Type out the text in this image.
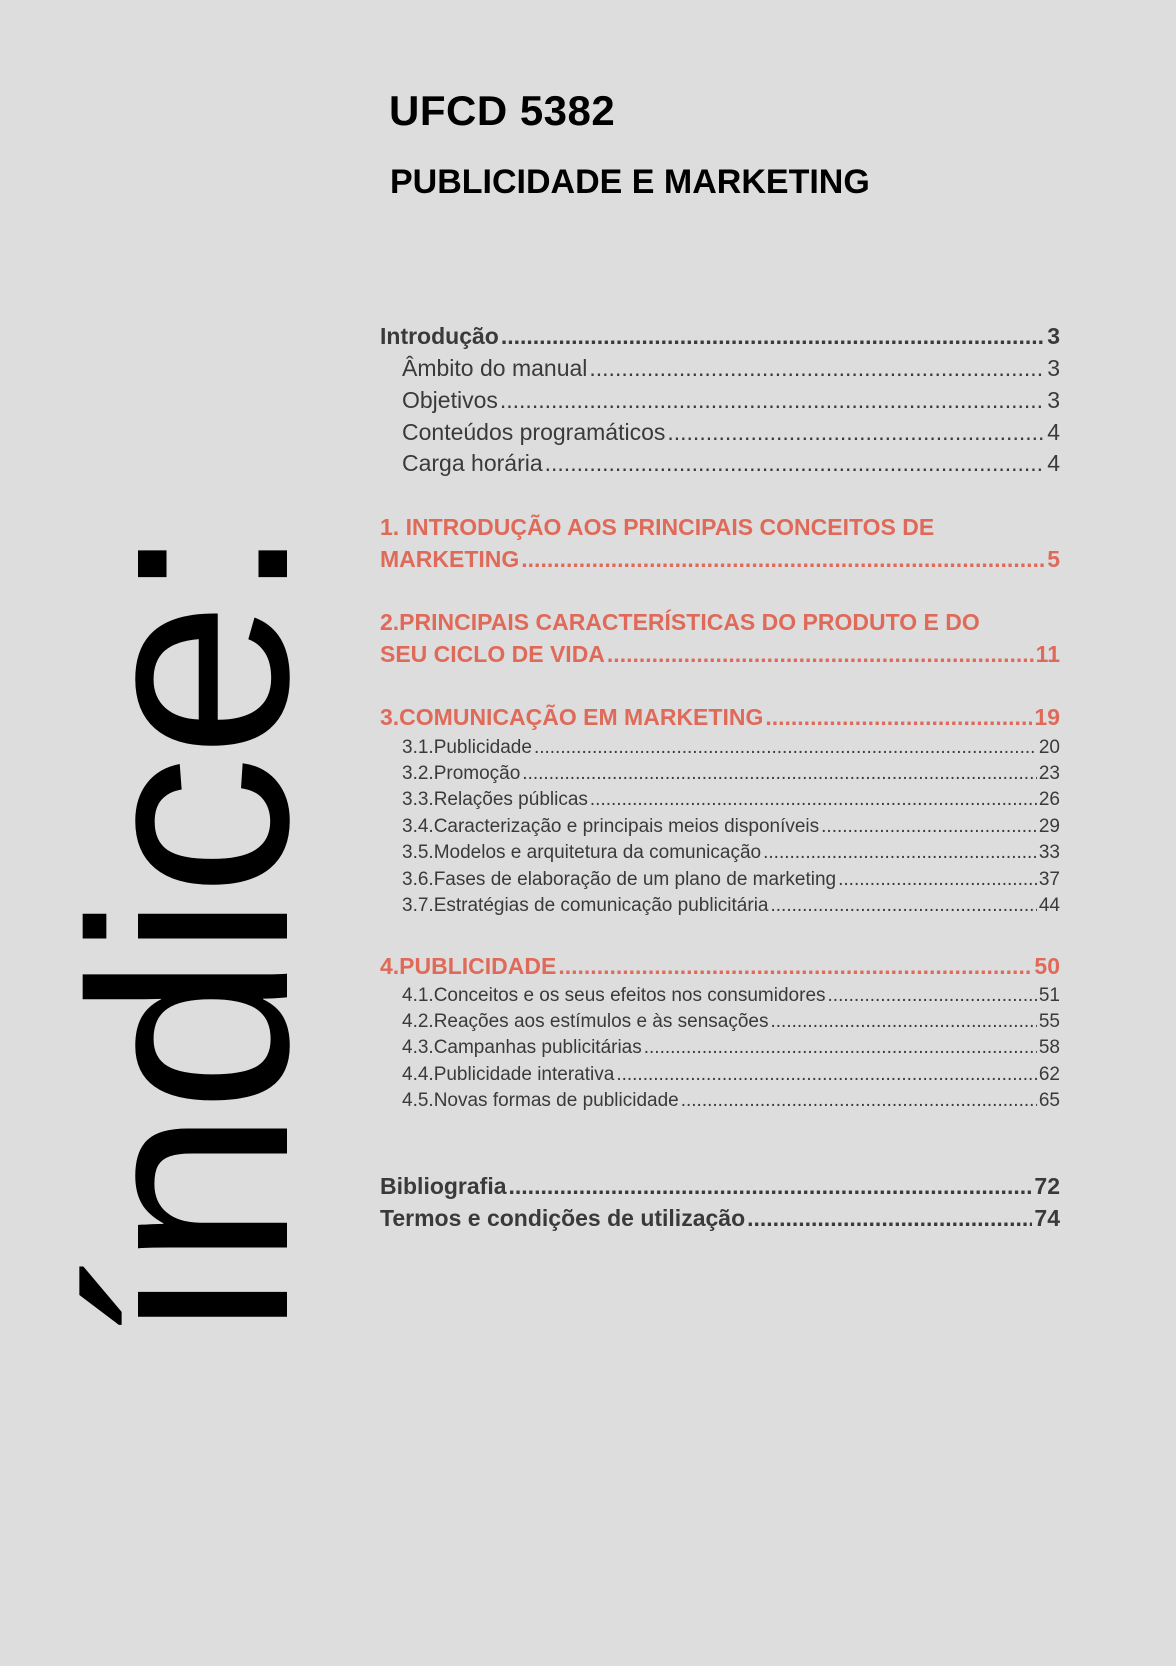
UFCD 5382
PUBLICIDADE E MARKETING
índice:
Introdução .....	3
Âmbito do manual .....	3
Objetivos .....	3
Conteúdos programáticos .....	4
Carga horária .....	4
1. INTRODUÇÃO AOS PRINCIPAIS CONCEITOS DE
MARKETING .....	5
2.PRINCIPAIS CARACTERÍSTICAS DO PRODUTO E DO
SEU CICLO DE VIDA .....	11
3.COMUNICAÇÃO EM MARKETING .....	19
3.1.Publicidade .....	20
3.2.Promoção .....	23
3.3.Relações públicas .....	26
3.4.Caracterização e principais meios disponíveis .....	29
3.5.Modelos e arquitetura da comunicação .....	33
3.6.Fases de elaboração de um plano de marketing .....	37
3.7.Estratégias de comunicação publicitária .....	44
4.PUBLICIDADE .....	50
4.1.Conceitos e os seus efeitos nos consumidores .....	51
4.2.Reações aos estímulos e às sensações .....	55
4.3.Campanhas publicitárias .....	58
4.4.Publicidade interativa .....	62
4.5.Novas formas de publicidade .....	65
Bibliografia .....	72
Termos e condições de utilização .....	74
